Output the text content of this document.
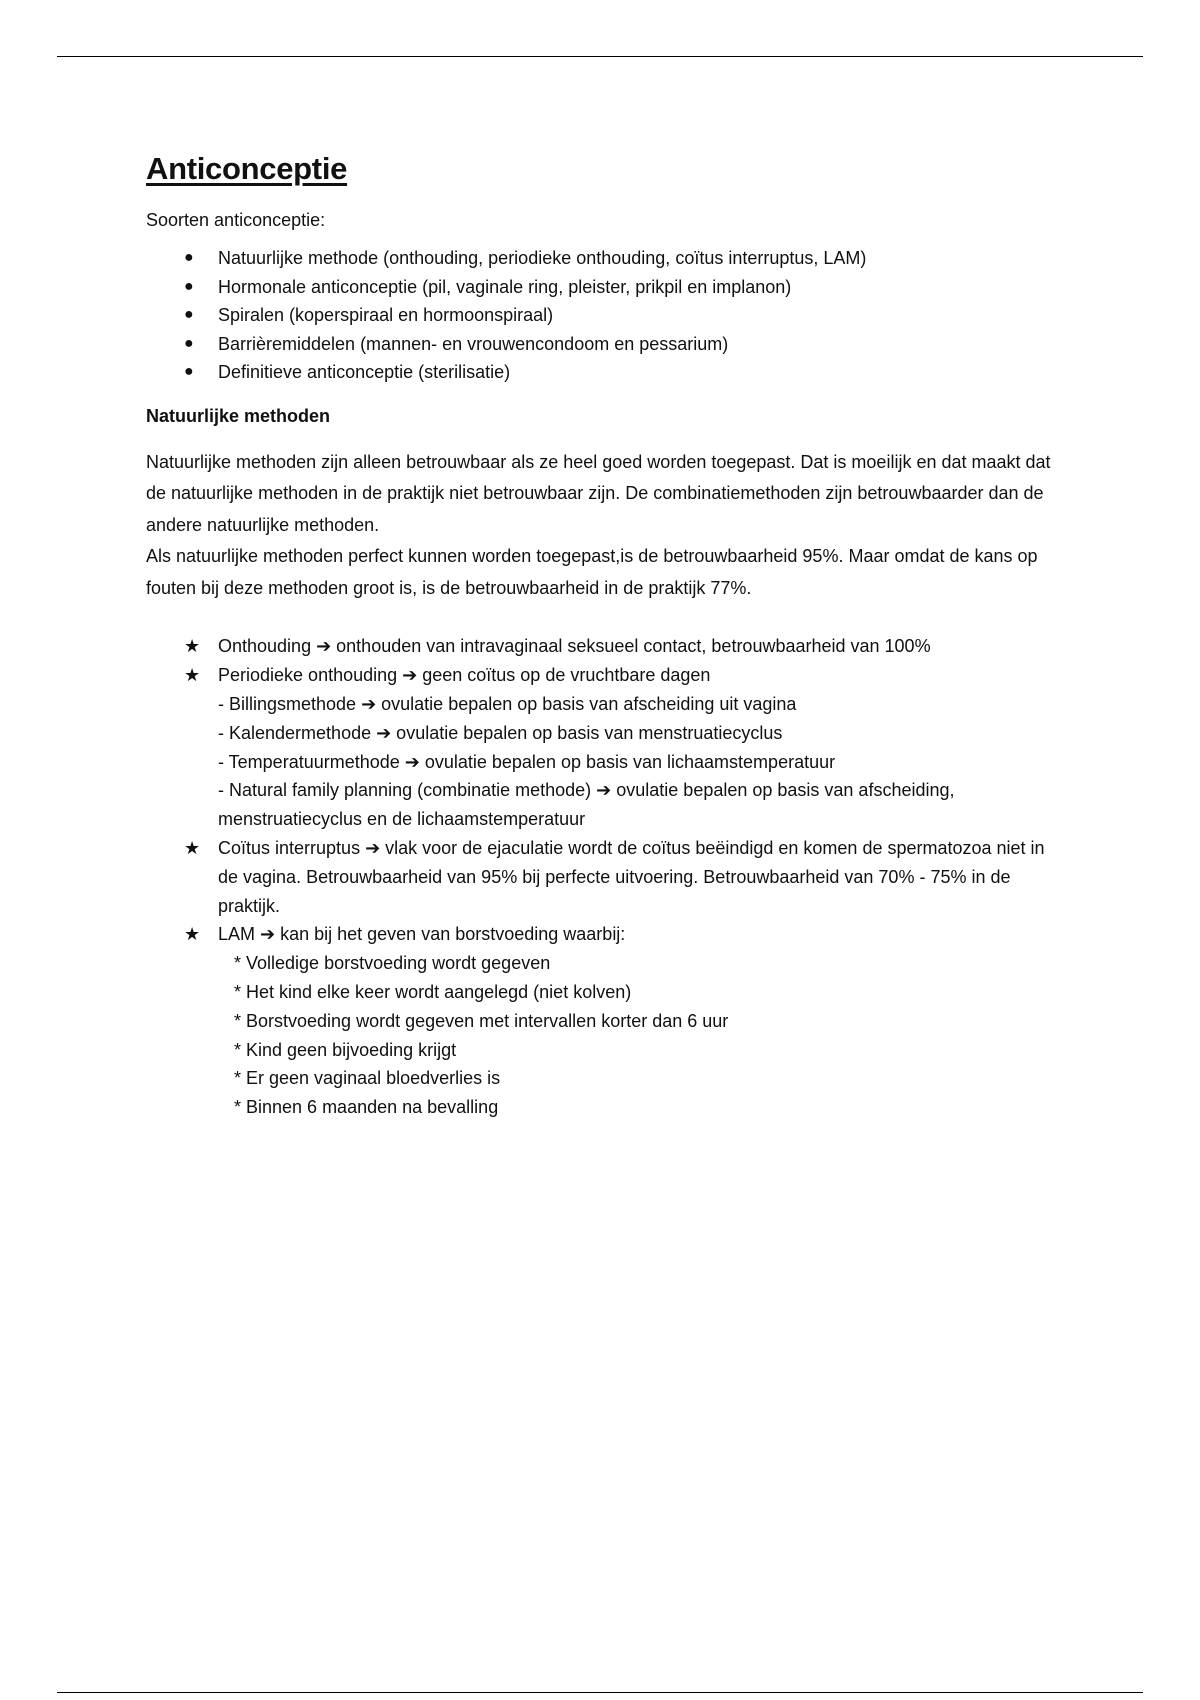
Anticonceptie

Soorten anticonceptie:

● Natuurlijke methode (onthouding, periodieke onthouding, coïtus interruptus, LAM)
● Hormonale anticonceptie (pil, vaginale ring, pleister, prikpil en implanon)
● Spiralen (koperspiraal en hormoonspiraal)
● Barrièremiddelen (mannen- en vrouwencondoom en pessarium)
● Definitieve anticonceptie (sterilisatie)
Natuurlijke methoden

Natuurlijke methoden zijn alleen betrouwbaar als ze heel goed worden toegepast. Dat is moeilijk en dat maakt dat de natuurlijke methoden in de praktijk niet betrouwbaar zijn. De combinatiemethoden zijn betrouwbaarder dan de andere natuurlijke methoden.

Als natuurlijke methoden perfect kunnen worden toegepast,is de betrouwbaarheid 95%. Maar omdat de kans op fouten bij deze methoden groot is, is de betrouwbaarheid in de praktijk 77%.

★ Onthouding ➔ onthouden van intravaginaal seksueel contact, betrouwbaarheid van 100%
★ Periodieke onthouding ➔ geen coïtus op de vruchtbare dagen
- Billingsmethode ➔ ovulatie bepalen op basis van afscheiding uit vagina
- Kalendermethode ➔ ovulatie bepalen op basis van menstruatiecyclus
- Temperatuurmethode ➔ ovulatie bepalen op basis van lichaamstemperatuur
- Natural family planning (combinatie methode) ➔ ovulatie bepalen op basis van afscheiding, menstruatiecyclus en de lichaamstemperatuur
★ Coïtus interruptus ➔ vlak voor de ejaculatie wordt de coïtus beëindigd en komen de spermatozoa niet in de vagina. Betrouwbaarheid van 95% bij perfecte uitvoering. Betrouwbaarheid van 70% - 75% in de praktijk.
★ LAM ➔ kan bij het geven van borstvoeding waarbij:
* Volledige borstvoeding wordt gegeven
* Het kind elke keer wordt aangelegd (niet kolven)
* Borstvoeding wordt gegeven met intervallen korter dan 6 uur
* Kind geen bijvoeding krijgt
* Er geen vaginaal bloedverlies is
* Binnen 6 maanden na bevalling
